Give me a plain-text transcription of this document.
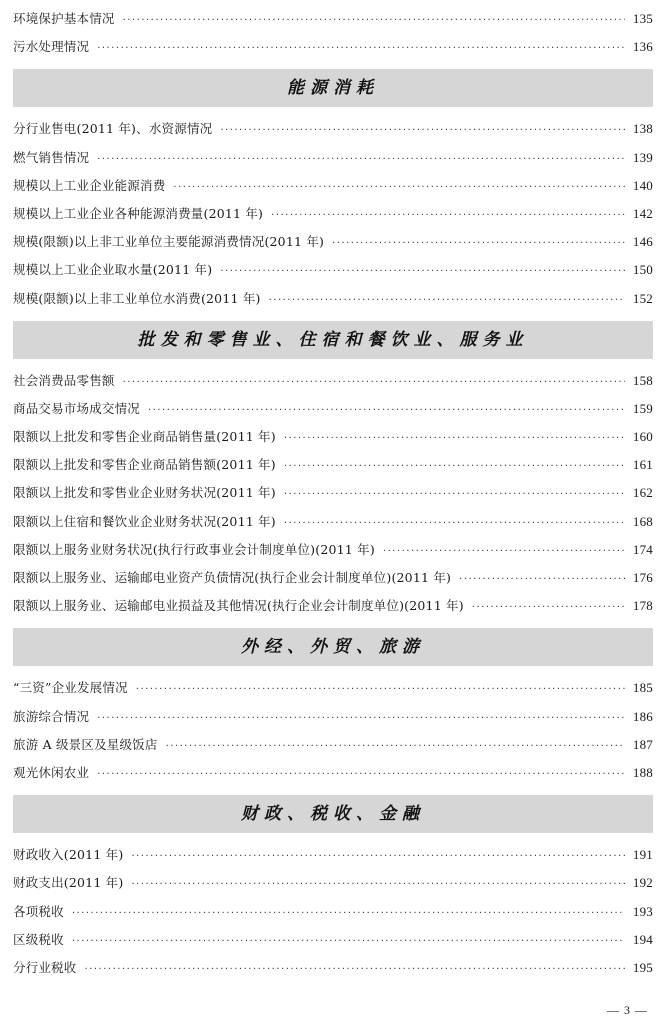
环境保护基本情况 ·····	135
污水处理情况 ·····	136
能源消耗
分行业售电(2011 年)、水资源情况 ·····	138
燃气销售情况 ·····	139
规模以上工业企业能源消费 ·····	140
规模以上工业企业各种能源消费量(2011 年) ·····	142
规模(限额)以上非工业单位主要能源消费情况(2011 年) ·····	146
规模以上工业企业取水量(2011 年) ·····	150
规模(限额)以上非工业单位水消费(2011 年) ·····	152
批发和零售业、住宿和餐饮业、服务业
社会消费品零售额 ·····	158
商品交易市场成交情况 ·····	159
限额以上批发和零售企业商品销售量(2011 年) ·····	160
限额以上批发和零售企业商品销售额(2011 年) ·····	161
限额以上批发和零售业企业财务状况(2011 年) ·····	162
限额以上住宿和餐饮业企业财务状况(2011 年) ·····	168
限额以上服务业财务状况(执行行政事业会计制度单位)(2011 年) ·····	174
限额以上服务业、运输邮电业资产负债情况(执行企业会计制度单位)(2011 年) ·····	176
限额以上服务业、运输邮电业损益及其他情况(执行企业会计制度单位)(2011 年) ·····	178
外经、外贸、旅游
“三资”企业发展情况 ·····	185
旅游综合情况 ·····	186
旅游 A 级景区及星级饭店 ·····	187
观光休闲农业 ·····	188
财政、税收、金融
财政收入(2011 年) ·····	191
财政支出(2011 年) ·····	192
各项税收 ·····	193
区级税收 ·····	194
分行业税收 ·····	195
— 3 —
